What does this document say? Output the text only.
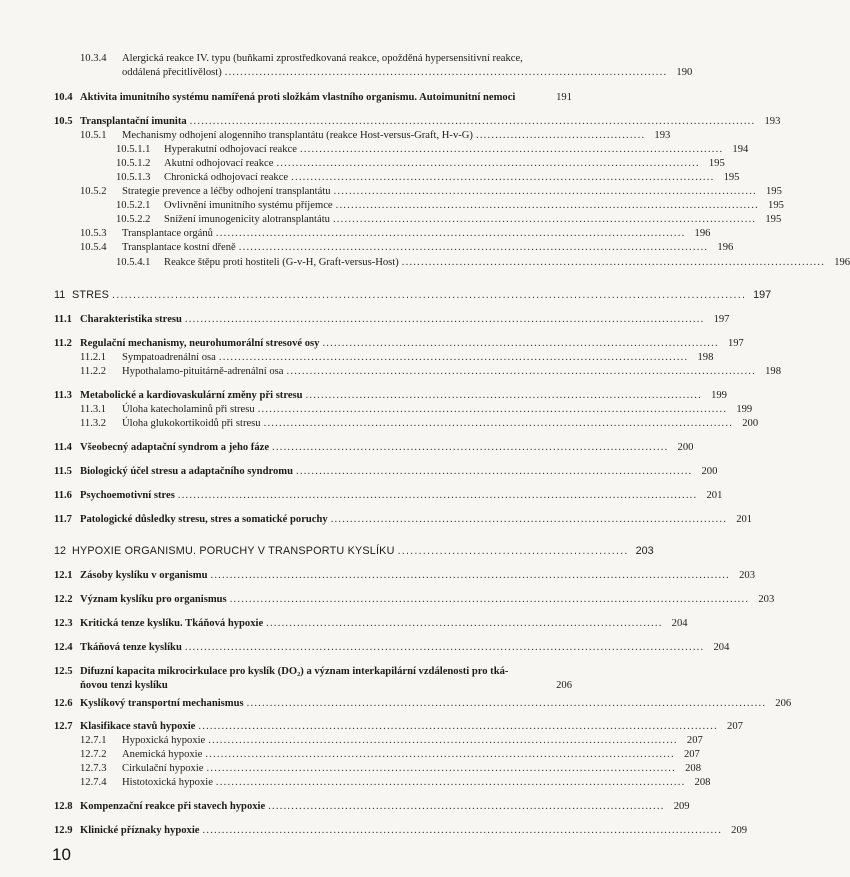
10.3.4	Alergická reakce IV. typu (buňkami zprostředkovaná reakce, opožděná hypersensitivní reakce,
oddálená přecitlivělost) ................................................................................................................... 190
10.4 Aktivita imunitního systému namířená proti složkám vlastního organismu. Autoimunitní nemoci	191
10.5 Transplantační imunita ................................................................................................................................................... 193
10.5.1	Mechanismy odhojení alogenního transplantátu (reakce Host-versus-Graft, H-v-G) ............................................ 193
10.5.1.1	Hyperakutní odhojovací reakce .............................................................................................................. 194
10.5.1.2	Akutní odhojovací reakce .............................................................................................................. 195
10.5.1.3	Chronická odhojovací reakce .............................................................................................................. 195
10.5.2	Strategie prevence a léčby odhojení transplantátu .............................................................................................................. 195
10.5.2.1	Ovlivnění imunitního systému příjemce .............................................................................................................. 195
10.5.2.2	Snížení imunogenicity alotransplantátu .............................................................................................................. 195
10.5.3	Transplantace orgánů .......................................................................................................................... 196
10.5.4	Transplantace kostní dřeně .......................................................................................................................... 196
10.5.4.1	Reakce štěpu proti hostiteli (G-v-H, Graft-versus-Host) .............................................................................................................. 196
11 STRES ....................................................................................................................................................... 197
11.1 Charakteristika stresu ....................................................................................................................................... 197
11.2 Regulační mechanismy, neurohumorální stresové osy ....................................................................................................... 197
11.2.1	Sympatoadrenální osa .......................................................................................................................... 198
11.2.2	Hypothalamo-pituitárně-adrenální osa .......................................................................................................................... 198
11.3 Metabolické a kardiovaskulární změny při stresu ....................................................................................................... 199
11.3.1	Úloha katecholaminů při stresu .......................................................................................................................... 199
11.3.2	Úloha glukokortikoidů při stresu .......................................................................................................................... 200
11.4 Všeobecný adaptační syndrom a jeho fáze ....................................................................................................... 200
11.5 Biologický účel stresu a adaptačního syndromu ....................................................................................................... 200
11.6 Psychoemotivní stres ....................................................................................................................................... 201
11.7 Patologické důsledky stresu, stres a somatické poruchy ....................................................................................................... 201
12 HYPOXIE ORGANISMU. PORUCHY V TRANSPORTU KYSLÍKU ....................................................... 203
12.1 Zásoby kyslíku v organismu ....................................................................................................................................... 203
12.2 Význam kyslíku pro organismus ....................................................................................................................................... 203
12.3 Kritická tenze kyslíku. Tkáňová hypoxie ....................................................................................................... 204
12.4 Tkáňová tenze kyslíku ....................................................................................................................................... 204
12.5 Difuzní kapacita mikrocirkulace pro kyslík (DO₂) a význam interkapilární vzdálenosti pro tká-
ňovou tenzi kyslíku	206
12.6 Kyslíkový transportní mechanismus ....................................................................................................................................... 206
12.7 Klasifikace stavů hypoxie ....................................................................................................................................... 207
12.7.1	Hypoxická hypoxie .......................................................................................................................... 207
12.7.2	Anemická hypoxie .......................................................................................................................... 207
12.7.3	Cirkulační hypoxie .......................................................................................................................... 208
12.7.4	Histotoxická hypoxie .......................................................................................................................... 208
12.8 Kompenzační reakce při stavech hypoxie ....................................................................................................... 209
12.9 Klinické příznaky hypoxie ....................................................................................................................................... 209
10
